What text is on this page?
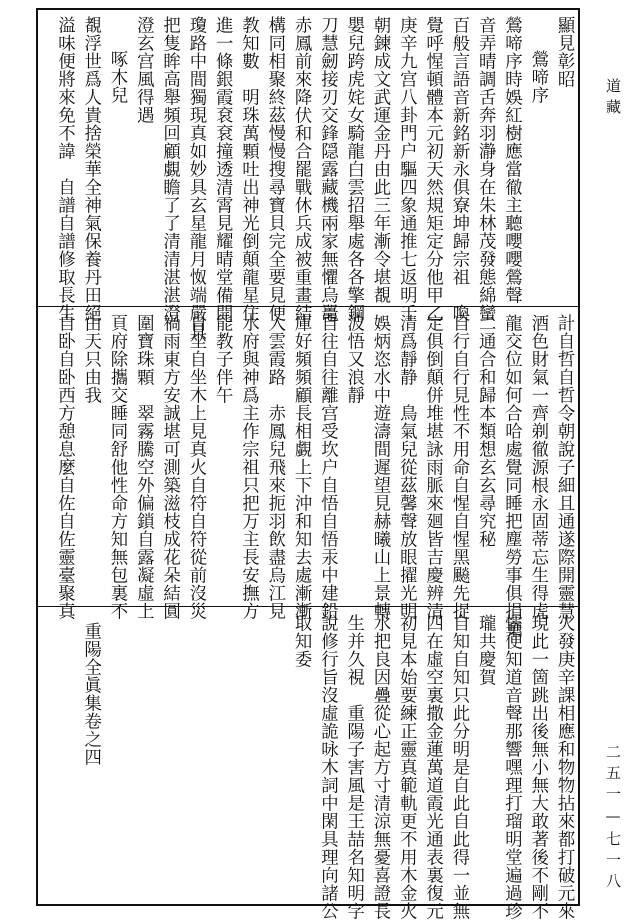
道藏
二五一—七一八
顯見彰昭
鶯啼序
鶯啼序時娛紅樹應當徹主聽嚶嚶鶯聲
音弄晴調舌奔羽瀞身在朱林茂發態綿蠻
百般言語音新銘新永俱寮坤歸宗祖　喚
覺呼惺頓體本元初天然規矩定分他甲乙
庚辛九宫八卦門户驅四象通推七返明千
朝鍊成文武運金丹由此三年漸令堪覩
嬰兒跨虎姹女騎龍白雲招舉處各各擎鋼
刀慧劒接刃交鋒隠露藏機兩家無懼烏鼉
赤鳳前來降伏和合罷戰休兵成被重畫結
構同相聚終茲慢慢搜尋寶貝完全要見便
教知數　明珠萬顆吐出神光倒顛龍星住
進一條銀霞袞袞撞透清霄見耀晴堂備開
瓊路中間獨現真如妙具玄星龍月怓端嚴具
把隻眸高舉頻回顧覷瞻了了清清湛湛澄
澄玄宫風得遇
啄木兒
覩浮世爲人貴捨榮華全神氣保養丹田絕
溢味便將來免不諱　自譜自譜修取長生
計自哲自哲令朝說子細且通遂際開靈慧
酒色財氣一齊剃徹源根永固蒂忘生得虎
龍交位如何合哈處覺同睡把塵勞事俱捐棄
二通合和歸本類想玄玄尋究秘
自行自行見性不用命自惺自惺黑飈先捉
定俱倒顛併堆堪詠雨脈來廻皆吉慶辨清
清爲靜静　鳥氣兒從茲馨聲放眼擢光明
娛炳恣水中遊濤間遲望見赫曦山上景轉
波悟又浪靜
自往自往離宫受坎户自悟自悟汞中建鉛
庫好頻頻顧長相覷上下沖和知去處漸漸
入雲霞路　赤鳳兒飛來扼羽飲盡烏江見
水府與神爲主作宗祖只把万主長安撫方
能教子伴午
自坐自坐木上見真火自符自符從前沒災
禍雨東方安誠堪可測築滋枝成花朵結圓
圍寶珠顆　翠霧騰空外偏鎖自露凝虛上
頁府除攜交睡同舒他性命方知無包裏不
由天只由我
自卧自卧西方憩息麼自佐自佐靈臺聚真
火發庚辛課相應和物物拈來都打破元來
現此一箇跳出後無小無大敢著後不剛不
懦便知道音聲那響嘿理打瑠明堂遍過珍
瓏共慶賀
自知自知只此分明是自此自此得一並無
四在虛空裏撒金蓮萬道霞光通表裏復元
初見本始要練正靈真範軌更不用木金火
水把良因疊從心起方寸清涼無憂喜證長
生并久視　重陽子害風是王喆名知明字
說修行旨沒虛詭咏木詞中閑具理向諸公
取知委
重陽全眞集卷之四
